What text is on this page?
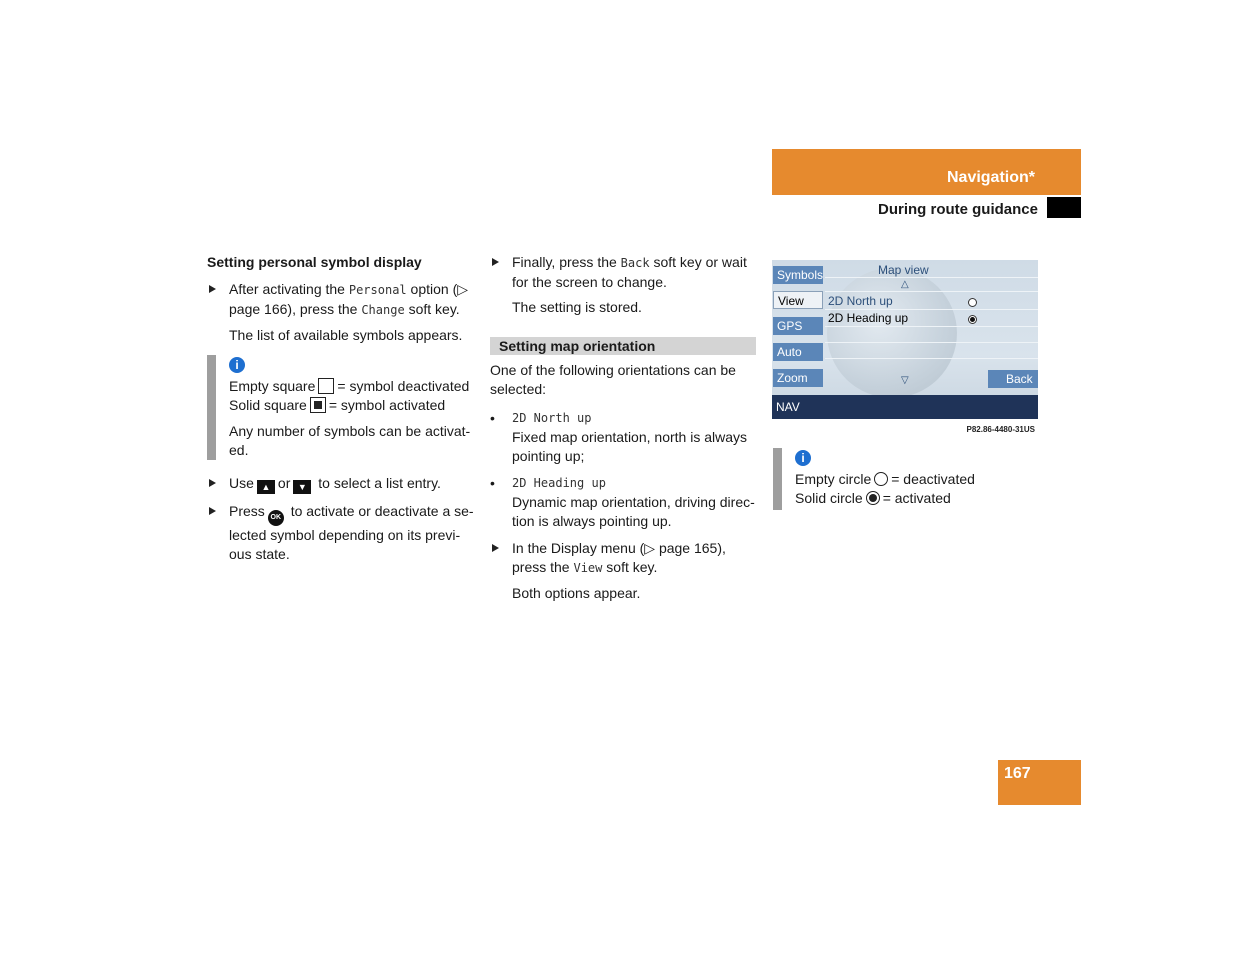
Navigation*
During route guidance
Setting personal symbol display
After activating the Personal option (▷ page 166), press the Change soft key.
The list of available symbols appears.
i
Empty square = symbol deactivated
Solid square = symbol activated
Any number of symbols can be activat-ed.
Use ▲ or ▼ to select a list entry.
Press OK to activate or deactivate a se-lected symbol depending on its previ-ous state.
Finally, press the Back soft key or wait for the screen to change.
The setting is stored.
Setting map orientation
One of the following orientations can be selected:
• 2D North up
Fixed map orientation, north is always pointing up;
• 2D Heading up
Dynamic map orientation, driving direc-tion is always pointing up.
In the Display menu (▷ page 165), press the View soft key.
Both options appear.
Map view
△
Symbols
View
GPS
Auto
Zoom
2D North up
2D Heading up
▽	Back
NAV
P82.86-4480-31US
i
Empty circle = deactivated
Solid circle = activated
167
